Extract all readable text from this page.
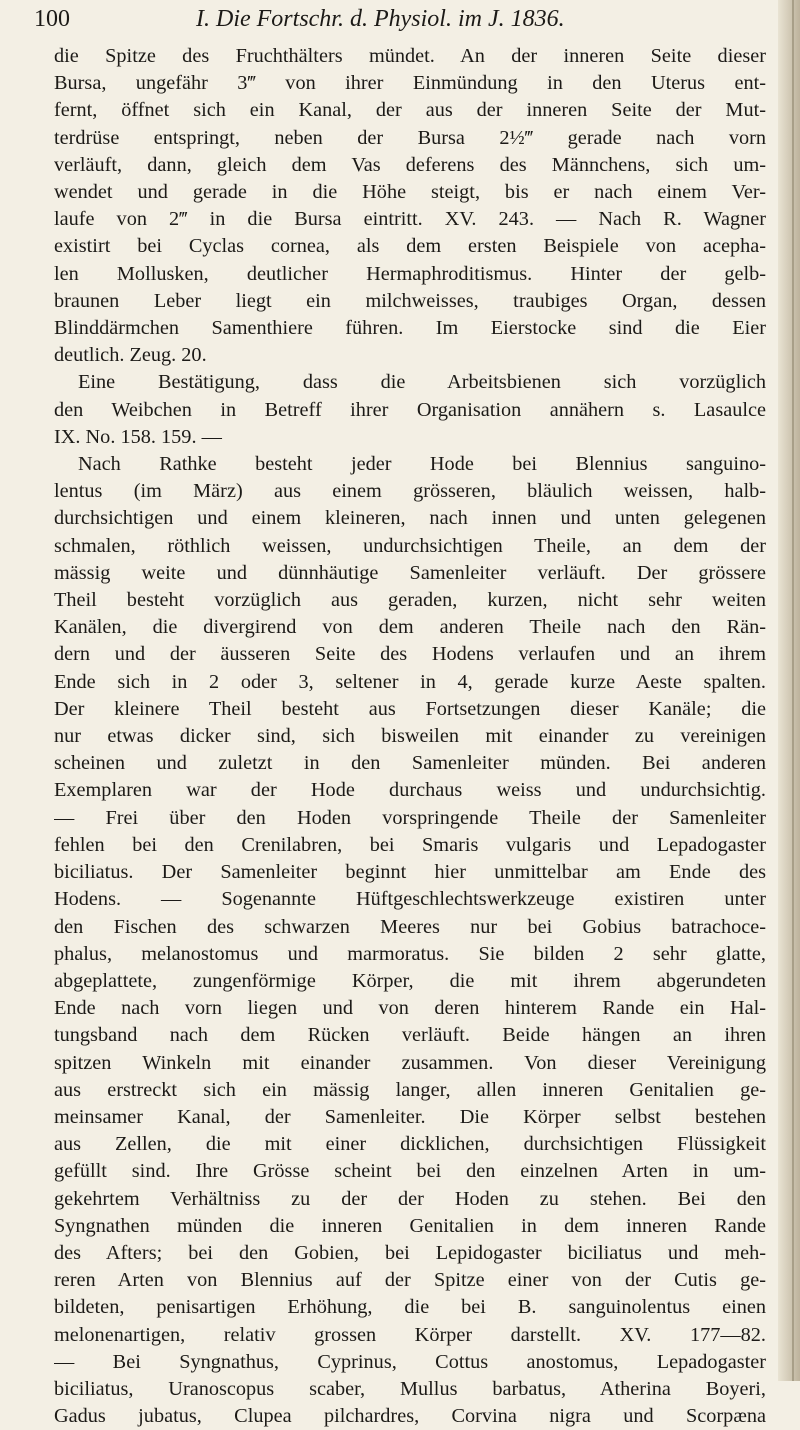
100	I. Die Fortschr. d. Physiol. im J. 1836.
die Spitze des Fruchthälters mündet. An der inneren Seite dieser
Bursa, ungefähr 3‴ von ihrer Einmündung in den Uterus ent-
fernt, öffnet sich ein Kanal, der aus der inneren Seite der Mut-
terdrüse entspringt, neben der Bursa 2½‴ gerade nach vorn
verläuft, dann, gleich dem Vas deferens des Männchens, sich um-
wendet und gerade in die Höhe steigt, bis er nach einem Ver-
laufe von 2‴ in die Bursa eintritt. XV. 243. — Nach R. Wagner
existirt bei Cyclas cornea, als dem ersten Beispiele von acepha-
len Mollusken, deutlicher Hermaphroditismus. Hinter der gelb-
braunen Leber liegt ein milchweisses, traubiges Organ, dessen
Blinddärmchen Samenthiere führen. Im Eierstocke sind die Eier
deutlich. Zeug. 20.
Eine Bestätigung, dass die Arbeitsbienen sich vorzüglich
den Weibchen in Betreff ihrer Organisation annähern s. Lasaulce
IX. No. 158. 159. —
Nach Rathke besteht jeder Hode bei Blennius sanguino-
lentus (im März) aus einem grösseren, bläulich weissen, halb-
durchsichtigen und einem kleineren, nach innen und unten gelegenen
schmalen, röthlich weissen, undurchsichtigen Theile, an dem der
mässig weite und dünnhäutige Samenleiter verläuft. Der grössere
Theil besteht vorzüglich aus geraden, kurzen, nicht sehr weiten
Kanälen, die divergirend von dem anderen Theile nach den Rän-
dern und der äusseren Seite des Hodens verlaufen und an ihrem
Ende sich in 2 oder 3, seltener in 4, gerade kurze Aeste spalten.
Der kleinere Theil besteht aus Fortsetzungen dieser Kanäle; die
nur etwas dicker sind, sich bisweilen mit einander zu vereinigen
scheinen und zuletzt in den Samenleiter münden. Bei anderen
Exemplaren war der Hode durchaus weiss und undurchsichtig.
— Frei über den Hoden vorspringende Theile der Samenleiter
fehlen bei den Crenilabren, bei Smaris vulgaris und Lepadogaster
biciliatus. Der Samenleiter beginnt hier unmittelbar am Ende des
Hodens. — Sogenannte Hüftgeschlechtswerkzeuge existiren unter
den Fischen des schwarzen Meeres nur bei Gobius batrachoce-
phalus, melanostomus und marmoratus. Sie bilden 2 sehr glatte,
abgeplattete, zungenförmige Körper, die mit ihrem abgerundeten
Ende nach vorn liegen und von deren hinterem Rande ein Hal-
tungsband nach dem Rücken verläuft. Beide hängen an ihren
spitzen Winkeln mit einander zusammen. Von dieser Vereinigung
aus erstreckt sich ein mässig langer, allen inneren Genitalien ge-
meinsamer Kanal, der Samenleiter. Die Körper selbst bestehen
aus Zellen, die mit einer dicklichen, durchsichtigen Flüssigkeit
gefüllt sind. Ihre Grösse scheint bei den einzelnen Arten in um-
gekehrtem Verhältniss zu der der Hoden zu stehen. Bei den
Syngnathen münden die inneren Genitalien in dem inneren Rande
des Afters; bei den Gobien, bei Lepidogaster biciliatus und meh-
reren Arten von Blennius auf der Spitze einer von der Cutis ge-
bildeten, penisartigen Erhöhung, die bei B. sanguinolentus einen
melonenartigen, relativ grossen Körper darstellt. XV. 177—82.
— Bei Syngnathus, Cyprinus, Cottus anostomus, Lepadogaster
biciliatus, Uranoscopus scaber, Mullus barbatus, Atherina Boyeri,
Gadus jubatus, Clupea pilchardres, Corvina nigra und Scorpæna
